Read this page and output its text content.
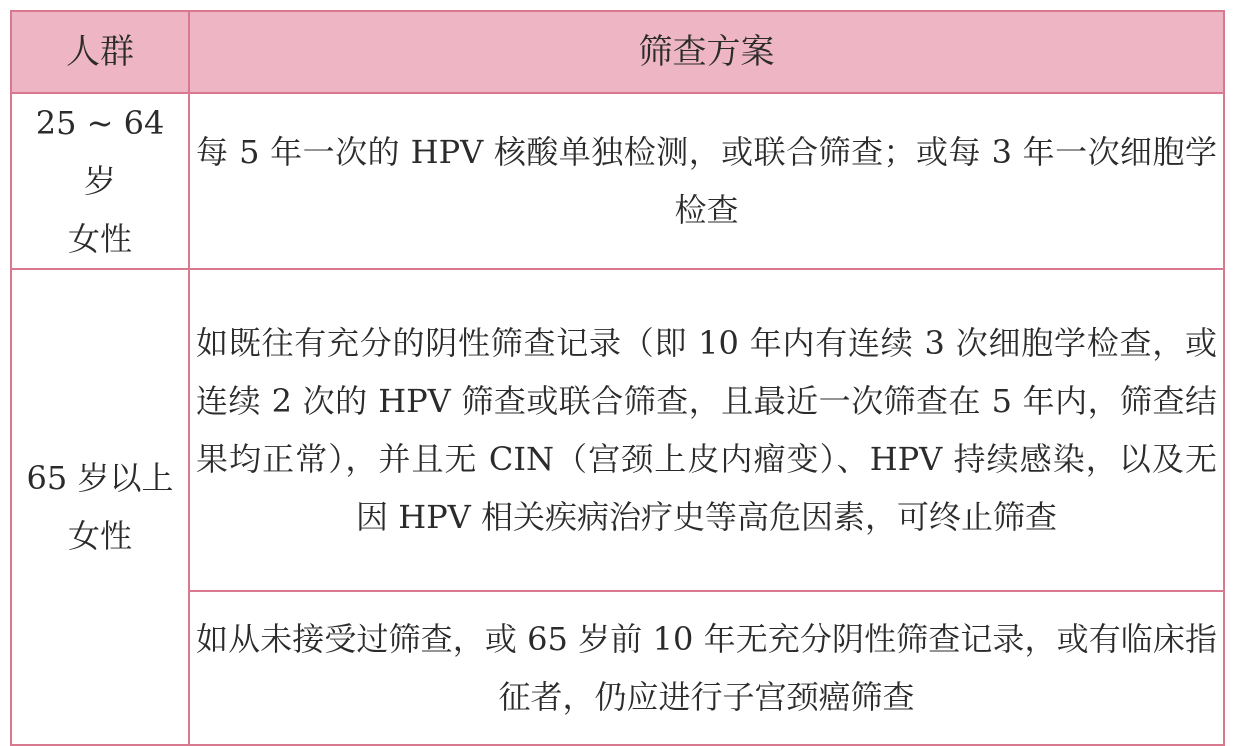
人群	筛查方案

25 ~ 64 岁
女性	每 5 年一次的 HPV 核酸单独检测，或联合筛查；或每 3 年一次细胞学检查

65 岁以上
女性	如既往有充分的阴性筛查记录（即 10 年内有连续 3 次细胞学检查，或连续 2 次的 HPV 筛查或联合筛查，且最近一次筛查在 5 年内，筛查结果均正常），并且无 CIN（宫颈上皮内瘤变）、HPV 持续感染，以及无因 HPV 相关疾病治疗史等高危因素，可终止筛查
	如从未接受过筛查，或 65 岁前 10 年无充分阴性筛查记录，或有临床指征者，仍应进行子宫颈癌筛查
